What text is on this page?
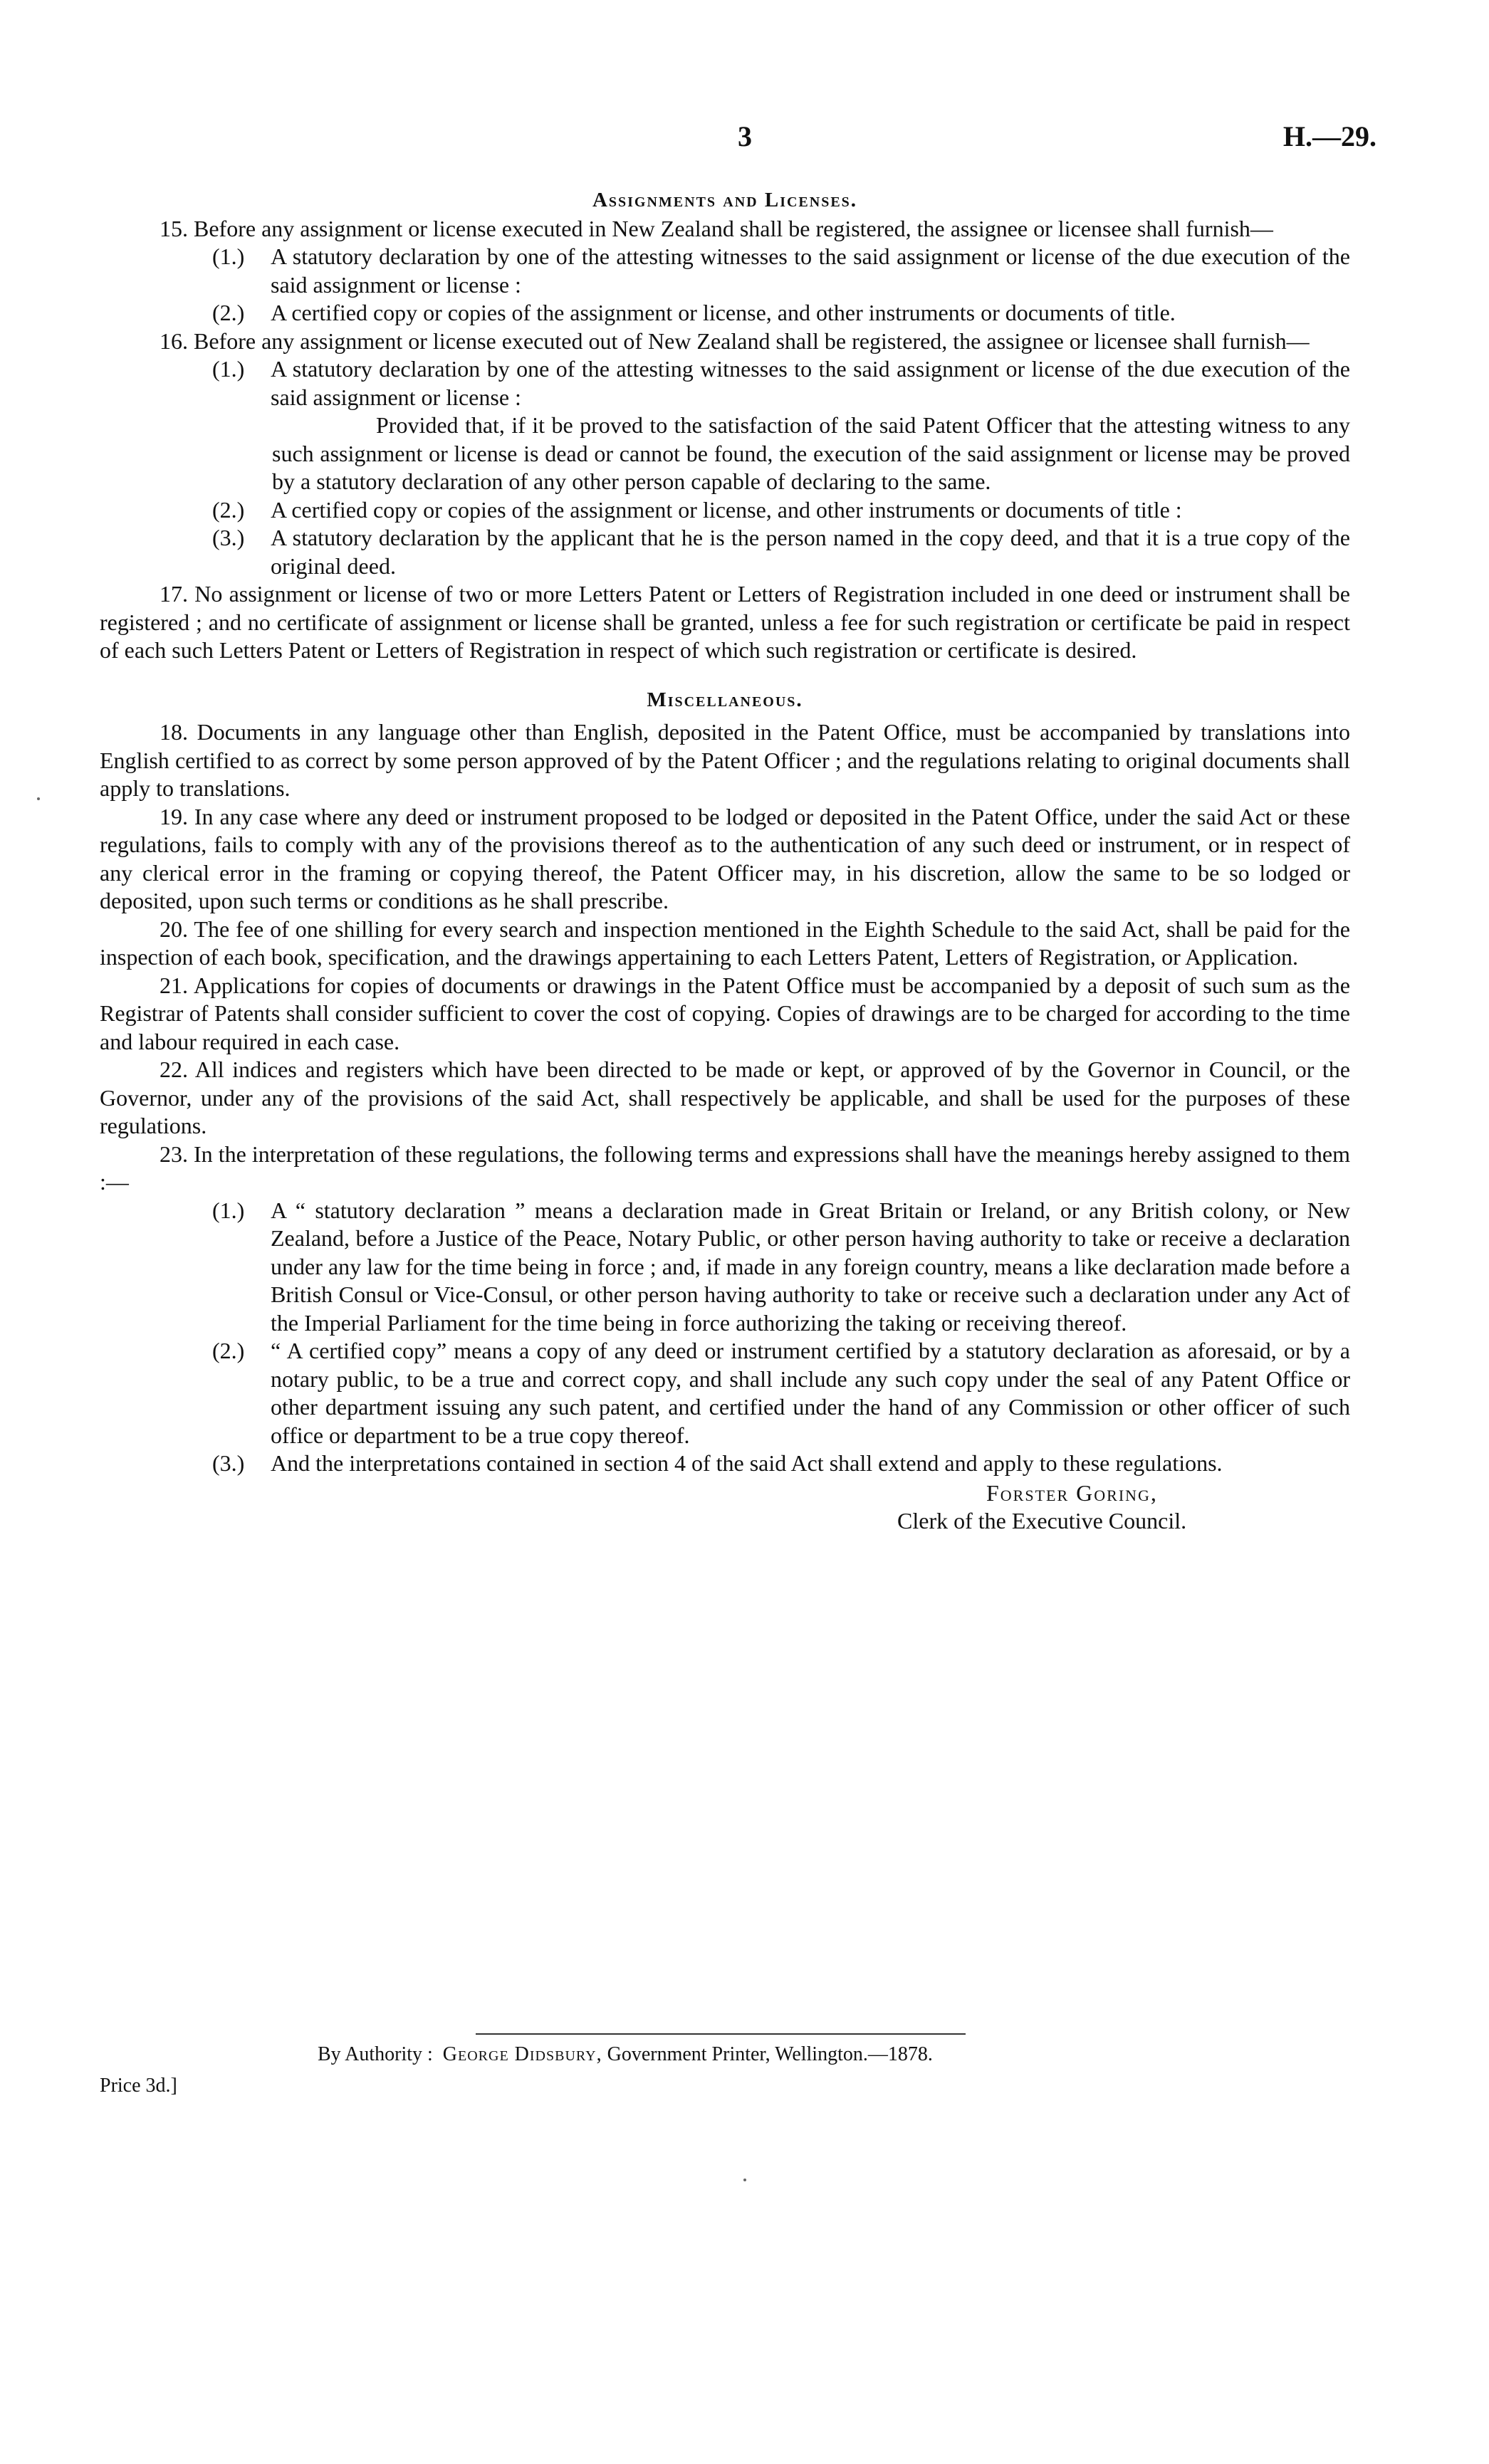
3	H.—29.
Assignments and Licenses.

15. Before any assignment or license executed in New Zealand shall be registered, the assignee or licensee shall furnish—

(1.)	A statutory declaration by one of the attesting witnesses to the said assignment or license of the due execution of the said assignment or license :
(2.)	A certified copy or copies of the assignment or license, and other instruments or documents of title.

16. Before any assignment or license executed out of New Zealand shall be registered, the assignee or licensee shall furnish—

(1.)	A statutory declaration by one of the attesting witnesses to the said assignment or license of the due execution of the said assignment or license :

Provided that, if it be proved to the satisfaction of the said Patent Officer that the attesting witness to any such assignment or license is dead or cannot be found, the execution of the said assignment or license may be proved by a statutory declaration of any other person capable of declaring to the same.

(2.)	A certified copy or copies of the assignment or license, and other instruments or documents of title :
(3.)	A statutory declaration by the applicant that he is the person named in the copy deed, and that it is a true copy of the original deed.

17. No assignment or license of two or more Letters Patent or Letters of Registration included in one deed or instrument shall be registered ; and no certificate of assignment or license shall be granted, unless a fee for such registration or certificate be paid in respect of each such Letters Patent or Letters of Registration in respect of which such registration or certificate is desired.

Miscellaneous.

18. Documents in any language other than English, deposited in the Patent Office, must be accompanied by translations into English certified to as correct by some person approved of by the Patent Officer ; and the regulations relating to original documents shall apply to translations.

19. In any case where any deed or instrument proposed to be lodged or deposited in the Patent Office, under the said Act or these regulations, fails to comply with any of the provisions thereof as to the authentication of any such deed or instrument, or in respect of any clerical error in the framing or copying thereof, the Patent Officer may, in his discretion, allow the same to be so lodged or deposited, upon such terms or conditions as he shall prescribe.

20. The fee of one shilling for every search and inspection mentioned in the Eighth Schedule to the said Act, shall be paid for the inspection of each book, specification, and the drawings appertaining to each Letters Patent, Letters of Registration, or Application.

21. Applications for copies of documents or drawings in the Patent Office must be accompanied by a deposit of such sum as the Registrar of Patents shall consider sufficient to cover the cost of copying. Copies of drawings are to be charged for according to the time and labour required in each case.

22. All indices and registers which have been directed to be made or kept, or approved of by the Governor in Council, or the Governor, under any of the provisions of the said Act, shall respectively be applicable, and shall be used for the purposes of these regulations.

23. In the interpretation of these regulations, the following terms and expressions shall have the meanings hereby assigned to them :—

(1.)	A “ statutory declaration ” means a declaration made in Great Britain or Ireland, or any British colony, or New Zealand, before a Justice of the Peace, Notary Public, or other person having authority to take or receive a declaration under any law for the time being in force ; and, if made in any foreign country, means a like declaration made before a British Consul or Vice-Consul, or other person having authority to take or receive such a declaration under any Act of the Imperial Parliament for the time being in force authorizing the taking or receiving thereof.
(2.)	“ A certified copy” means a copy of any deed or instrument certified by a statutory declaration as aforesaid, or by a notary public, to be a true and correct copy, and shall include any such copy under the seal of any Patent Office or other department issuing any such patent, and certified under the hand of any Commission or other officer of such office or department to be a true copy thereof.
(3.)	And the interpretations contained in section 4 of the said Act shall extend and apply to these regulations.
Forster Goring,
Clerk of the Executive Council.
By Authority : George Didsbury, Government Printer, Wellington.—1878.
Price 3d.]
